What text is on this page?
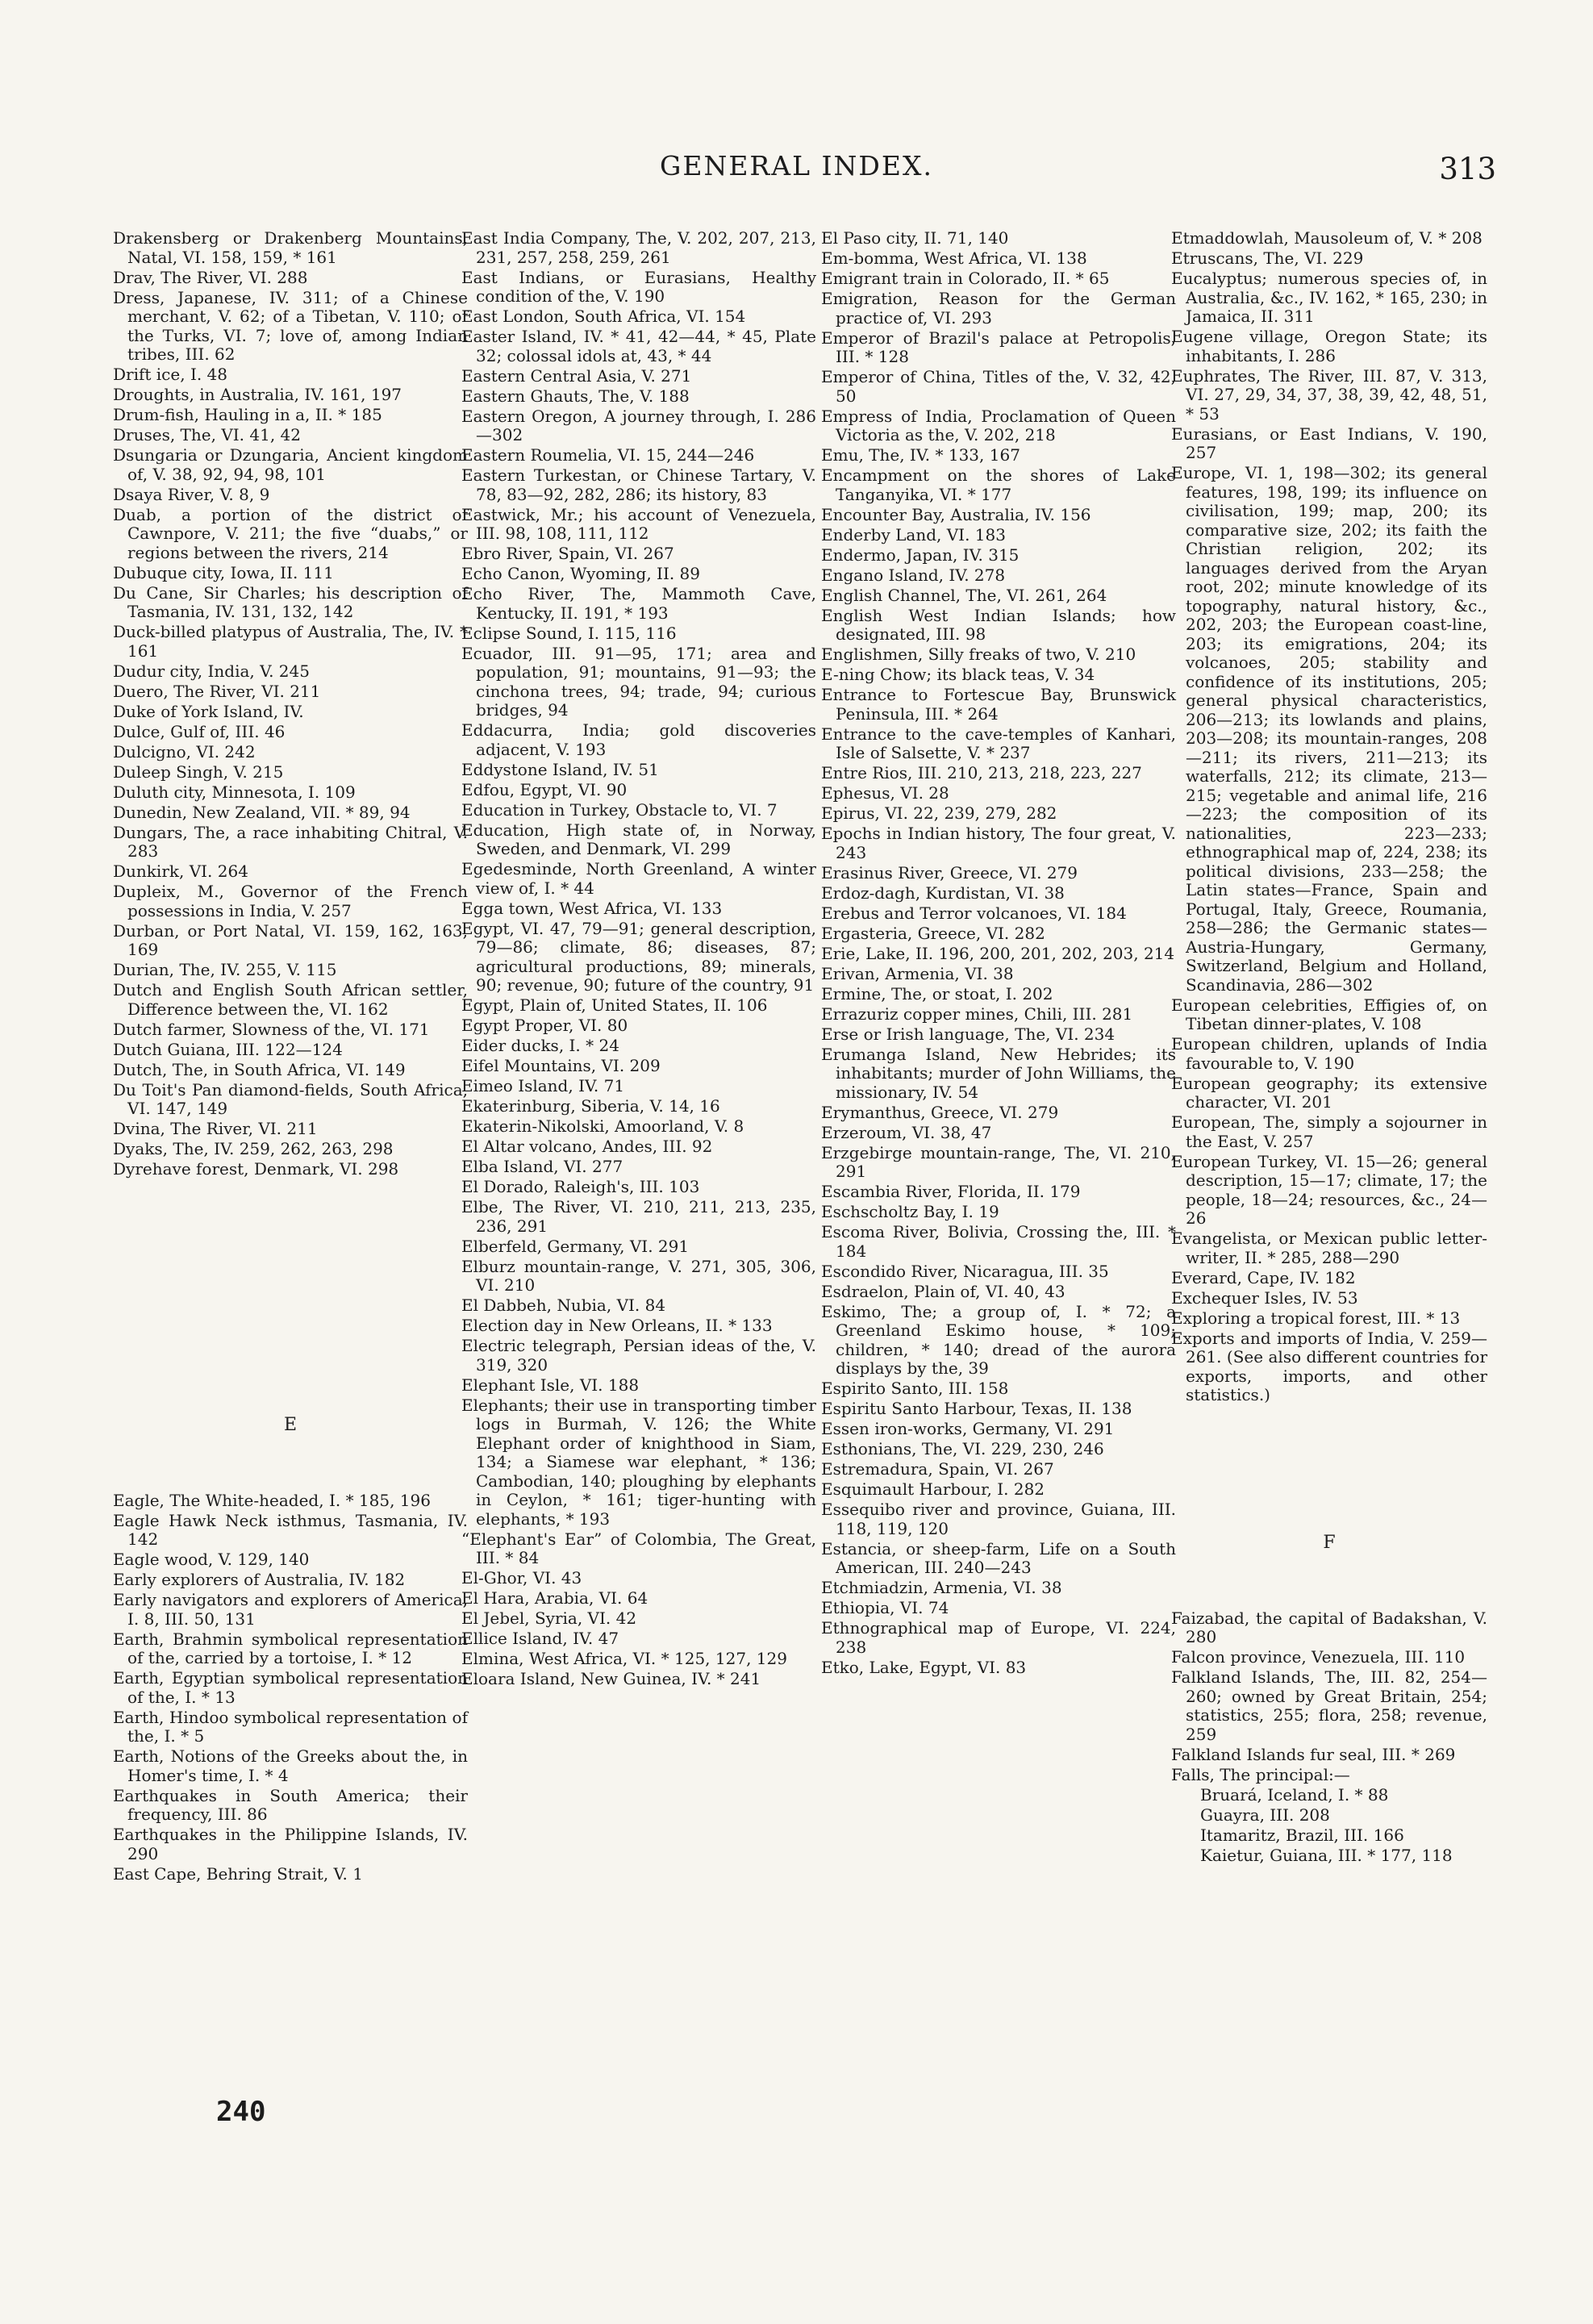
GENERAL INDEX.	313
Drakensberg or Drakenberg Mountains, Natal, VI. 158, 159, * 161
Drav, The River, VI. 288
Dress, Japanese, IV. 311; of a Chinese merchant, V. 62; of a Tibetan, V. 110; of the Turks, VI. 7; love of, among Indian tribes, III. 62
Drift ice, I. 48
Droughts, in Australia, IV. 161, 197
Drum-fish, Hauling in a, II. * 185
Druses, The, VI. 41, 42
Dsungaria or Dzungaria, Ancient kingdom of, V. 38, 92, 94, 98, 101
Dsaya River, V. 8, 9
Duab, a portion of the district of Cawnpore, V. 211; the five “duabs,” or regions between the rivers, 214
Dubuque city, Iowa, II. 111
Du Cane, Sir Charles; his description of Tasmania, IV. 131, 132, 142
Duck-billed platypus of Australia, The, IV. * 161
Dudur city, India, V. 245
Duero, The River, VI. 211
Duke of York Island, IV.
Dulce, Gulf of, III. 46
Dulcigno, VI. 242
Duleep Singh, V. 215
Duluth city, Minnesota, I. 109
Dunedin, New Zealand, VII. * 89, 94
Dungars, The, a race inhabiting Chitral, V. 283
Dunkirk, VI. 264
Dupleix, M., Governor of the French possessions in India, V. 257
Durban, or Port Natal, VI. 159, 162, 163, 169
Durian, The, IV. 255, V. 115
Dutch and English South African settler, Difference between the, VI. 162
Dutch farmer, Slowness of the, VI. 171
Dutch Guiana, III. 122—124
Dutch, The, in South Africa, VI. 149
Du Toit's Pan diamond-fields, South Africa, VI. 147, 149
Dvina, The River, VI. 211
Dyaks, The, IV. 259, 262, 263, 298
Dyrehave forest, Denmark, VI. 298
E
Eagle, The White-headed, I. * 185, 196
Eagle Hawk Neck isthmus, Tasmania, IV. 142
Eagle wood, V. 129, 140
Early explorers of Australia, IV. 182
Early navigators and explorers of America, I. 8, III. 50, 131
Earth, Brahmin symbolical representation of the, carried by a tortoise, I. * 12
Earth, Egyptian symbolical representation of the, I. * 13
Earth, Hindoo symbolical representation of the, I. * 5
Earth, Notions of the Greeks about the, in Homer's time, I. * 4
Earthquakes in South America; their frequency, III. 86
Earthquakes in the Philippine Islands, IV. 290
East Cape, Behring Strait, V. 1
East India Company, The, V. 202, 207, 213, 231, 257, 258, 259, 261
East Indians, or Eurasians, Healthy condition of the, V. 190
East London, South Africa, VI. 154
Easter Island, IV. * 41, 42—44, * 45, Plate 32; colossal idols at, 43, * 44
Eastern Central Asia, V. 271
Eastern Ghauts, The, V. 188
Eastern Oregon, A journey through, I. 286—302
Eastern Roumelia, VI. 15, 244—246
Eastern Turkestan, or Chinese Tartary, V. 78, 83—92, 282, 286; its history, 83
Eastwick, Mr.; his account of Venezuela, III. 98, 108, 111, 112
Ebro River, Spain, VI. 267
Echo Canon, Wyoming, II. 89
Echo River, The, Mammoth Cave, Kentucky, II. 191, * 193
Eclipse Sound, I. 115, 116
Ecuador, III. 91—95, 171; area and population, 91; mountains, 91—93; the cinchona trees, 94; trade, 94; curious bridges, 94
Eddacurra, India; gold discoveries adjacent, V. 193
Eddystone Island, IV. 51
Edfou, Egypt, VI. 90
Education in Turkey, Obstacle to, VI. 7
Education, High state of, in Norway, Sweden, and Denmark, VI. 299
Egedesminde, North Greenland, A winter view of, I. * 44
Egga town, West Africa, VI. 133
Egypt, VI. 47, 79—91; general description, 79—86; climate, 86; diseases, 87; agricultural productions, 89; minerals, 90; revenue, 90; future of the country, 91
Egypt, Plain of, United States, II. 106
Egypt Proper, VI. 80
Eider ducks, I. * 24
Eifel Mountains, VI. 209
Eimeo Island, IV. 71
Ekaterinburg, Siberia, V. 14, 16
Ekaterin-Nikolski, Amoorland, V. 8
El Altar volcano, Andes, III. 92
Elba Island, VI. 277
El Dorado, Raleigh's, III. 103
Elbe, The River, VI. 210, 211, 213, 235, 236, 291
Elberfeld, Germany, VI. 291
Elburz mountain-range, V. 271, 305, 306, VI. 210
El Dabbeh, Nubia, VI. 84
Election day in New Orleans, II. * 133
Electric telegraph, Persian ideas of the, V. 319, 320
Elephant Isle, VI. 188
Elephants; their use in transporting timber logs in Burmah, V. 126; the White Elephant order of knighthood in Siam, 134; a Siamese war elephant, * 136; Cambodian, 140; ploughing by elephants in Ceylon, * 161; tiger-hunting with elephants, * 193
“Elephant's Ear” of Colombia, The Great, III. * 84
El-Ghor, VI. 43
El Hara, Arabia, VI. 64
El Jebel, Syria, VI. 42
Ellice Island, IV. 47
Elmina, West Africa, VI. * 125, 127, 129
Eloara Island, New Guinea, IV. * 241
El Paso city, II. 71, 140
Em-bomma, West Africa, VI. 138
Emigrant train in Colorado, II. * 65
Emigration, Reason for the German practice of, VI. 293
Emperor of Brazil's palace at Petropolis, III. * 128
Emperor of China, Titles of the, V. 32, 42, 50
Empress of India, Proclamation of Queen Victoria as the, V. 202, 218
Emu, The, IV. * 133, 167
Encampment on the shores of Lake Tanganyika, VI. * 177
Encounter Bay, Australia, IV. 156
Enderby Land, VI. 183
Endermo, Japan, IV. 315
Engano Island, IV. 278
English Channel, The, VI. 261, 264
English West Indian Islands; how designated, III. 98
Englishmen, Silly freaks of two, V. 210
E-ning Chow; its black teas, V. 34
Entrance to Fortescue Bay, Brunswick Peninsula, III. * 264
Entrance to the cave-temples of Kanhari, Isle of Salsette, V. * 237
Entre Rios, III. 210, 213, 218, 223, 227
Ephesus, VI. 28
Epirus, VI. 22, 239, 279, 282
Epochs in Indian history, The four great, V. 243
Erasinus River, Greece, VI. 279
Erdoz-dagh, Kurdistan, VI. 38
Erebus and Terror volcanoes, VI. 184
Ergasteria, Greece, VI. 282
Erie, Lake, II. 196, 200, 201, 202, 203, 214
Erivan, Armenia, VI. 38
Ermine, The, or stoat, I. 202
Errazuriz copper mines, Chili, III. 281
Erse or Irish language, The, VI. 234
Erumanga Island, New Hebrides; its inhabitants; murder of John Williams, the missionary, IV. 54
Erymanthus, Greece, VI. 279
Erzeroum, VI. 38, 47
Erzgebirge mountain-range, The, VI. 210, 291
Escambia River, Florida, II. 179
Eschscholtz Bay, I. 19
Escoma River, Bolivia, Crossing the, III. * 184
Escondido River, Nicaragua, III. 35
Esdraelon, Plain of, VI. 40, 43
Eskimo, The; a group of, I. * 72; a Greenland Eskimo house, * 109; children, * 140; dread of the aurora displays by the, 39
Espirito Santo, III. 158
Espiritu Santo Harbour, Texas, II. 138
Essen iron-works, Germany, VI. 291
Esthonians, The, VI. 229, 230, 246
Estremadura, Spain, VI. 267
Esquimault Harbour, I. 282
Essequibo river and province, Guiana, III. 118, 119, 120
Estancia, or sheep-farm, Life on a South American, III. 240—243
Etchmiadzin, Armenia, VI. 38
Ethiopia, VI. 74
Ethnographical map of Europe, VI. 224, 238
Etko, Lake, Egypt, VI. 83
Etmaddowlah, Mausoleum of, V. * 208
Etruscans, The, VI. 229
Eucalyptus; numerous species of, in Australia, &c., IV. 162, * 165, 230; in Jamaica, II. 311
Eugene village, Oregon State; its inhabitants, I. 286
Euphrates, The River, III. 87, V. 313, VI. 27, 29, 34, 37, 38, 39, 42, 48, 51, * 53
Eurasians, or East Indians, V. 190, 257
Europe, VI. 1, 198—302; its general features, 198, 199; its influence on civilisation, 199; map, 200; its comparative size, 202; its faith the Christian religion, 202; its languages derived from the Aryan root, 202; minute knowledge of its topography, natural history, &c., 202, 203; the European coast-line, 203; its emigrations, 204; its volcanoes, 205; stability and confidence of its institutions, 205; general physical characteristics, 206—213; its lowlands and plains, 203—208; its mountain-ranges, 208—211; its rivers, 211—213; its waterfalls, 212; its climate, 213—215; vegetable and animal life, 216—223; the composition of its nationalities, 223—233; ethnographical map of, 224, 238; its political divisions, 233—258; the Latin states—France, Spain and Portugal, Italy, Greece, Roumania, 258—286; the Germanic states—Austria-Hungary, Germany, Switzerland, Belgium and Holland, Scandinavia, 286—302
European celebrities, Effigies of, on Tibetan dinner-plates, V. 108
European children, uplands of India favourable to, V. 190
European geography; its extensive character, VI. 201
European, The, simply a sojourner in the East, V. 257
European Turkey, VI. 15—26; general description, 15—17; climate, 17; the people, 18—24; resources, &c., 24—26
Evangelista, or Mexican public letter-writer, II. * 285, 288—290
Everard, Cape, IV. 182
Exchequer Isles, IV. 53
Exploring a tropical forest, III. * 13
Exports and imports of India, V. 259—261. (See also different countries for exports, imports, and other statistics.)
F
Faizabad, the capital of Badakshan, V. 280
Falcon province, Venezuela, III. 110
Falkland Islands, The, III. 82, 254—260; owned by Great Britain, 254; statistics, 255; flora, 258; revenue, 259
Falkland Islands fur seal, III. * 269
Falls, The principal:—
Bruará, Iceland, I. * 88
Guayra, III. 208
Itamaritz, Brazil, III. 166
Kaietur, Guiana, III. * 177, 118
240
